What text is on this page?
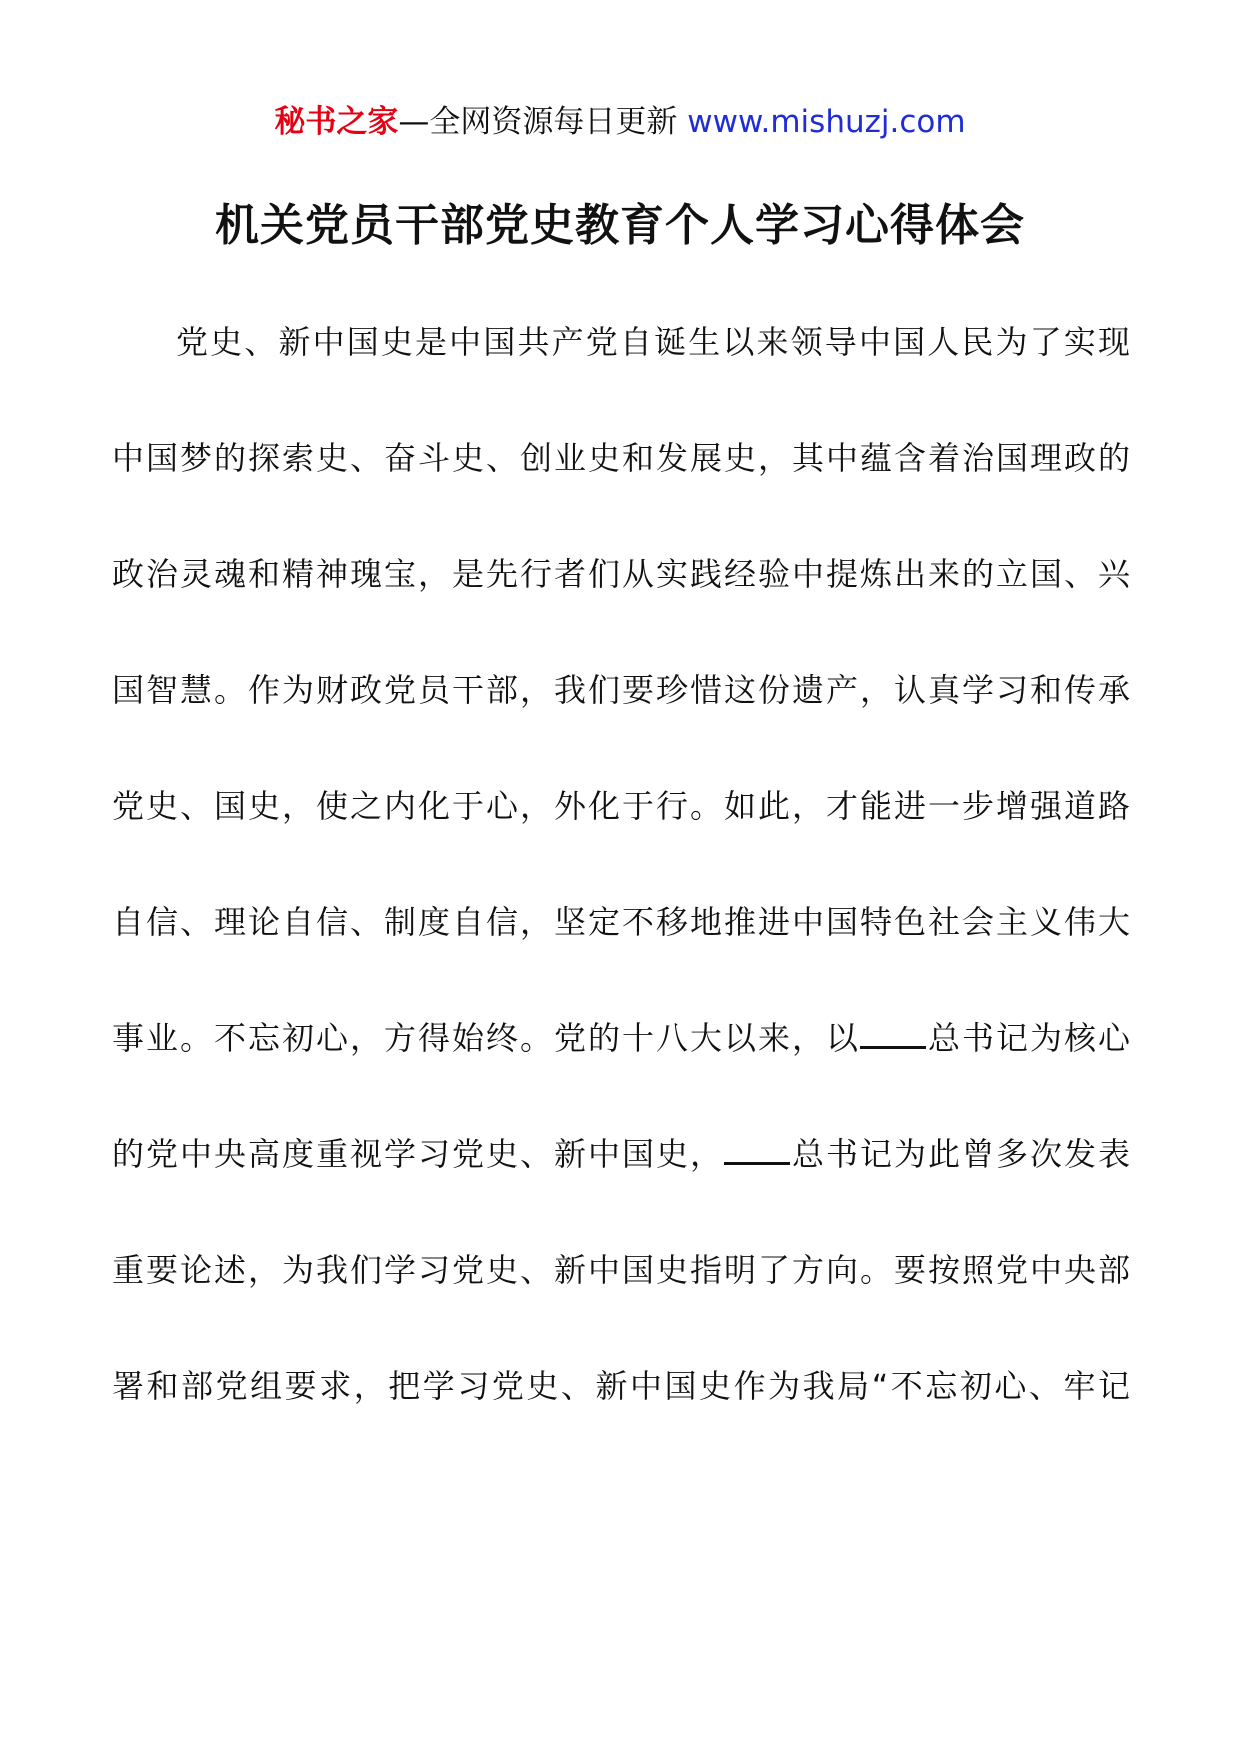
秘书之家—全网资源每日更新 www.mishuzj.com
机关党员干部党史教育个人学习心得体会
党史、新中国史是中国共产党自诞生以来领导中国人民为了实现
中国梦的探索史、奋斗史、创业史和发展史，其中蕴含着治国理政的
政治灵魂和精神瑰宝，是先行者们从实践经验中提炼出来的立国、兴
国智慧。作为财政党员干部，我们要珍惜这份遗产，认真学习和传承
党史、国史，使之内化于心，外化于行。如此，才能进一步增强道路
自信、理论自信、制度自信，坚定不移地推进中国特色社会主义伟大
事业。不忘初心，方得始终。党的十八大以来，以 总书记为核心
的党中央高度重视学习党史、新中国史， 总书记为此曾多次发表
重要论述，为我们学习党史、新中国史指明了方向。要按照党中央部
署和部党组要求，把学习党史、新中国史作为我局“不忘初心、牢记
